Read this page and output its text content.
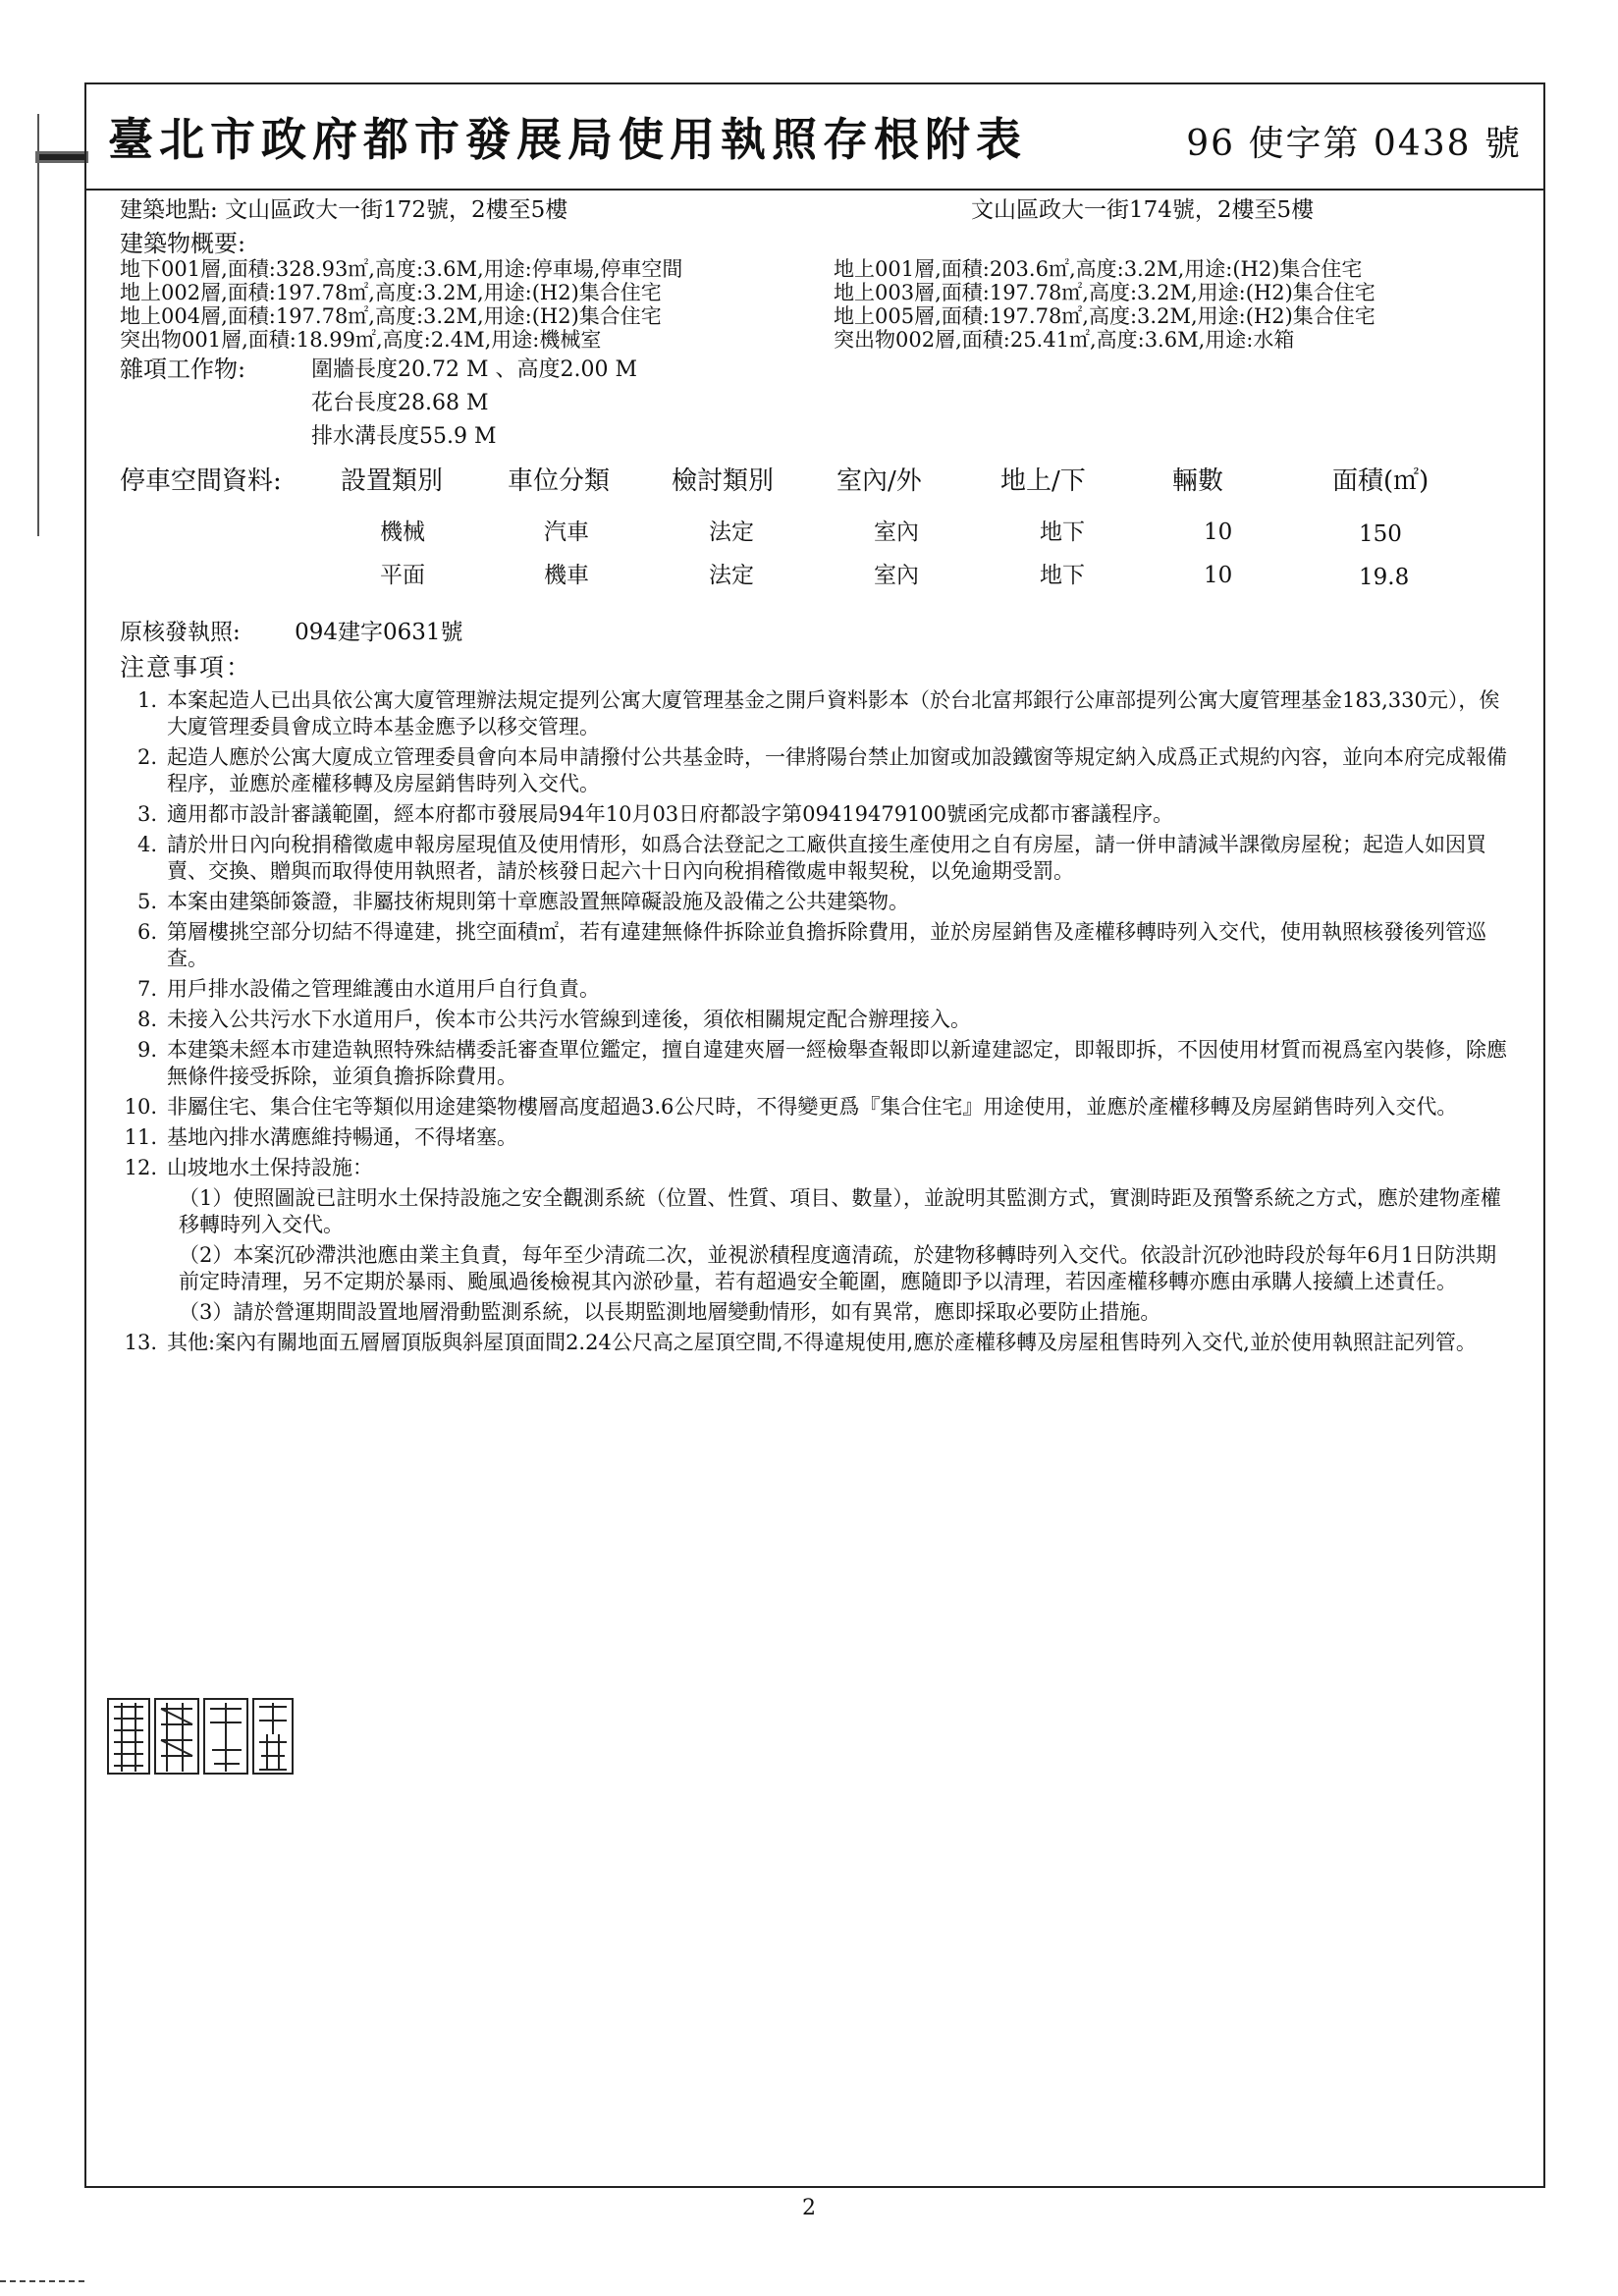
臺北市政府都市發展局使用執照存根附表	96 使字第 0438 號
建築地點: 文山區政大一街172號，2樓至5樓	文山區政大一街174號，2樓至5樓
建築物概要:
地下001層,面積:328.93㎡,高度:3.6M,用途:停車場,停車空間
地上002層,面積:197.78㎡,高度:3.2M,用途:(H2)集合住宅
地上004層,面積:197.78㎡,高度:3.2M,用途:(H2)集合住宅
突出物001層,面積:18.99㎡,高度:2.4M,用途:機械室
地上001層,面積:203.6㎡,高度:3.2M,用途:(H2)集合住宅
地上003層,面積:197.78㎡,高度:3.2M,用途:(H2)集合住宅
地上005層,面積:197.78㎡,高度:3.2M,用途:(H2)集合住宅
突出物002層,面積:25.41㎡,高度:3.6M,用途:水箱
雜項工作物:	圍牆長度20.72 M 、高度2.00 M
花台長度28.68 M
排水溝長度55.9 M
停車空間資料: 設置類別	車位分類 檢討類別 室內/外	地上/下	輛數	面積(㎡)
機械	汽車	法定	室內	地下	10	150
平面	機車	法定	室內	地下	10	19.8
原核發執照: 094建字0631號
注意事項：
1. 本案起造人已出具依公寓大廈管理辦法規定提列公寓大廈管理基金之開戶資料影本（於台北富邦銀行公庫部提列公寓大廈管理基金183,330元），俟大廈管理委員會成立時本基金應予以移交管理。
2. 起造人應於公寓大廈成立管理委員會向本局申請撥付公共基金時，一律將陽台禁止加窗或加設鐵窗等規定納入成爲正式規約內容，並向本府完成報備程序，並應於產權移轉及房屋銷售時列入交代。
3. 適用都市設計審議範圍，經本府都市發展局94年10月03日府都設字第09419479100號函完成都市審議程序。
4. 請於卅日內向稅捐稽徵處申報房屋現值及使用情形，如爲合法登記之工廠供直接生產使用之自有房屋，請一併申請減半課徵房屋稅；起造人如因買賣、交換、贈與而取得使用執照者，請於核發日起六十日內向稅捐稽徵處申報契稅，以免逾期受罰。
5. 本案由建築師簽證，非屬技術規則第十章應設置無障礙設施及設備之公共建築物。
6. 第層樓挑空部分切結不得違建，挑空面積㎡，若有違建無條件拆除並負擔拆除費用，並於房屋銷售及產權移轉時列入交代，使用執照核發後列管巡查。
7. 用戶排水設備之管理維護由水道用戶自行負責。
8. 未接入公共污水下水道用戶，俟本市公共污水管線到達後，須依相關規定配合辦理接入。
9. 本建築未經本市建造執照特殊結構委託審查單位鑑定，擅自違建夾層一經檢舉查報即以新違建認定，即報即拆，不因使用材質而視爲室內裝修，除應無條件接受拆除，並須負擔拆除費用。
10. 非屬住宅、集合住宅等類似用途建築物樓層高度超過3.6公尺時，不得變更爲『集合住宅』用途使用，並應於產權移轉及房屋銷售時列入交代。
11. 基地內排水溝應維持暢通，不得堵塞。
12. 山坡地水土保持設施：
（1）使照圖說已註明水土保持設施之安全觀測系統（位置、性質、項目、數量），並說明其監測方式，實測時距及預警系統之方式，應於建物產權移轉時列入交代。
（2）本案沉砂滯洪池應由業主負責，每年至少清疏二次，並視淤積程度適清疏，於建物移轉時列入交代。依設計沉砂池時段於每年6月1日防洪期前定時清理，另不定期於暴雨、颱風過後檢視其內淤砂量，若有超過安全範圍，應隨即予以清理，若因產權移轉亦應由承購人接續上述責任。
（3）請於營運期間設置地層滑動監測系統，以長期監測地層變動情形，如有異常，應即採取必要防止措施。
13. 其他:案內有關地面五層層頂版與斜屋頂面間2.24公尺高之屋頂空間,不得違規使用,應於產權移轉及房屋租售時列入交代,並於使用執照註記列管。
2
